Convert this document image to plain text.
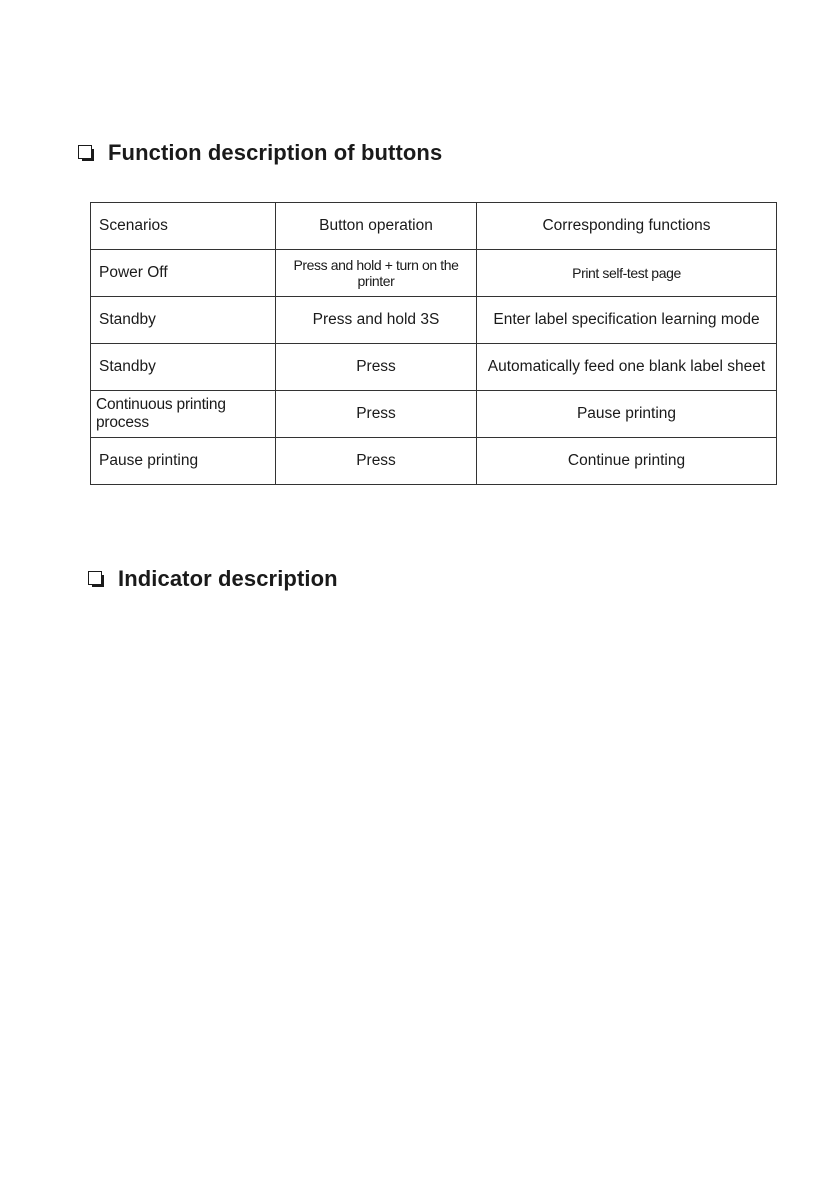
Function description of buttons
Scenarios	Button operation	Corresponding functions
Power Off	Press and hold + turn on the printer	Print self-test page
Standby	Press and hold 3S	Enter label specification learning mode
Standby	Press	Automatically feed one blank label sheet
Continuous printing process	Press	Pause printing
Pause printing	Press	Continue printing
Indicator description
